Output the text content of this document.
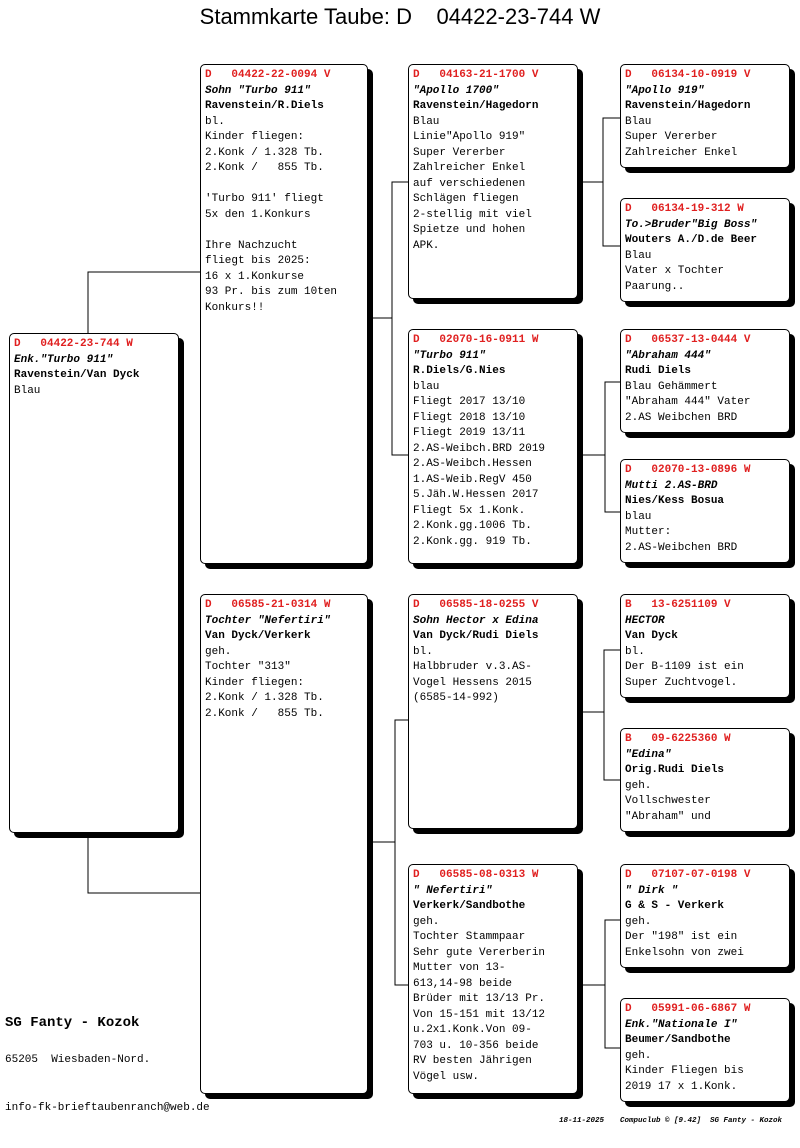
Stammkarte Taube: D    04422-23-744 W
D   04422-23-744 W
Enk."Turbo 911"
Ravenstein/Van Dyck
Blau
D   04422-22-0094 V
Sohn "Turbo 911"
Ravenstein/R.Diels
bl.
Kinder fliegen:
2.Konk / 1.328 Tb.
2.Konk /   855 Tb.

'Turbo 911' fliegt
5x den 1.Konkurs

Ihre Nachzucht
fliegt bis 2025:
16 x 1.Konkurse
93 Pr. bis zum 10ten
Konkurs!!
D   06585-21-0314 W
Tochter "Nefertiri"
Van Dyck/Verkerk
geh.
Tochter "313"
Kinder fliegen:
2.Konk / 1.328 Tb.
2.Konk /   855 Tb.
D   04163-21-1700 V
"Apollo 1700"
Ravenstein/Hagedorn
Blau
Linie"Apollo 919"
Super Vererber
Zahlreicher Enkel
auf verschiedenen
Schlägen fliegen
2-stellig mit viel
Spietze und hohen
APK.
D   02070-16-0911 W
"Turbo 911"
R.Diels/G.Nies
blau
Fliegt 2017 13/10
Fliegt 2018 13/10
Fliegt 2019 13/11
2.AS-Weibch.BRD 2019
2.AS-Weibch.Hessen
1.AS-Weib.RegV 450
5.Jäh.W.Hessen 2017
Fliegt 5x 1.Konk.
2.Konk.gg.1006 Tb.
2.Konk.gg. 919 Tb.
D   06585-18-0255 V
Sohn Hector x Edina
Van Dyck/Rudi Diels
bl.
Halbbruder v.3.AS-
Vogel Hessens 2015
(6585-14-992)
D   06585-08-0313 W
" Nefertiri"
Verkerk/Sandbothe
geh.
Tochter Stammpaar
Sehr gute Vererberin
Mutter von 13-
613,14-98 beide
Brüder mit 13/13 Pr.
Von 15-151 mit 13/12
u.2x1.Konk.Von 09-
703 u. 10-356 beide
RV besten Jährigen
Vögel usw.
D   06134-10-0919 V
"Apollo 919"
Ravenstein/Hagedorn
Blau
Super Vererber
Zahlreicher Enkel
D   06134-19-312 W
To.>Bruder"Big Boss"
Wouters A./D.de Beer
Blau
Vater x Tochter
Paarung..
D   06537-13-0444 V
"Abraham 444"
Rudi Diels
Blau Gehämmert
"Abraham 444" Vater
2.AS Weibchen BRD
D   02070-13-0896 W
Mutti 2.AS-BRD
Nies/Kess Bosua
blau
Mutter:
2.AS-Weibchen BRD
B   13-6251109 V
HECTOR
Van Dyck
bl.
Der B-1109 ist ein
Super Zuchtvogel.
B   09-6225360 W
"Edina"
Orig.Rudi Diels
geh.
Vollschwester
"Abraham" und
D   07107-07-0198 V
" Dirk "
G & S - Verkerk
geh.
Der "198" ist ein
Enkelsohn von zwei
D   05991-06-6867 W
Enk."Nationale I"
Beumer/Sandbothe
geh.
Kinder Fliegen bis
2019 17 x 1.Konk.
SG Fanty - Kozok
65205  Wiesbaden-Nord.
info-fk-brieftaubenranch@web.de
18-11-2025 Compuclub © [9.42]  SG Fanty - Kozok
